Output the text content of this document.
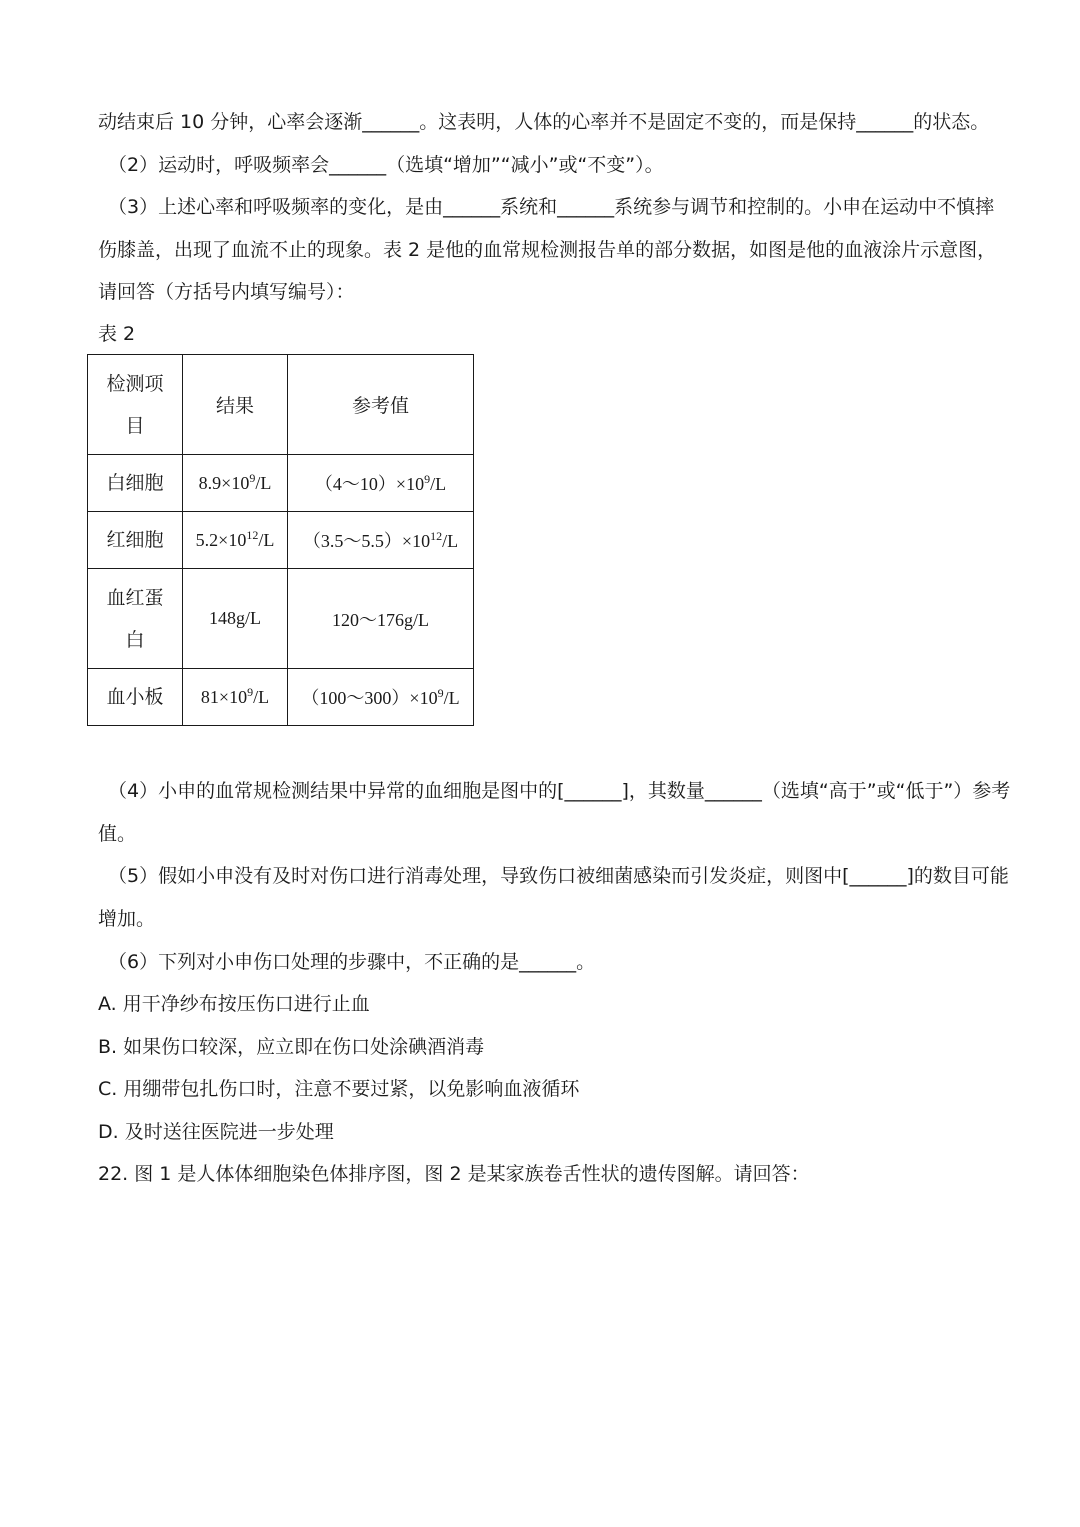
动结束后 10 分钟，心率会逐渐______。这表明，人体的心率并不是固定不变的，而是保持______的状态。
（2）运动时，呼吸频率会______（选填“增加”“减小”或“不变”）。
（3）上述心率和呼吸频率的变化，是由______系统和______系统参与调节和控制的。小申在运动中不慎摔
伤膝盖，出现了血流不止的现象。表 2 是他的血常规检测报告单的部分数据，如图是他的血液涂片示意图，
请回答（方括号内填写编号）：
表 2
检测项
目	结果	参考值
白细胞	$8.9\times 10^9/L$	$(4\sim 10)\times 10^9/L$
红细胞	$5.2\times 10^{12}/L$	$(3.5\sim 5.5)\times 10^{12}/L$
血红蛋
白	148g/L	120～176g/L
血小板	$81\times 10^9/L$	$(100\sim 300)\times 10^9/L$
（4）小申的血常规检测结果中异常的血细胞是图中的[______]，其数量______（选填“高于”或“低于”）参考
值。
（5）假如小申没有及时对伤口进行消毒处理，导致伤口被细菌感染而引发炎症，则图中[______]的数目可能
增加。
（6）下列对小申伤口处理的步骤中，不正确的是______。
A. 用干净纱布按压伤口进行止血
B. 如果伤口较深，应立即在伤口处涂碘酒消毒
C. 用绷带包扎伤口时，注意不要过紧，以免影响血液循环
D. 及时送往医院进一步处理
22. 图 1 是人体体细胞染色体排序图，图 2 是某家族卷舌性状的遗传图解。请回答：
